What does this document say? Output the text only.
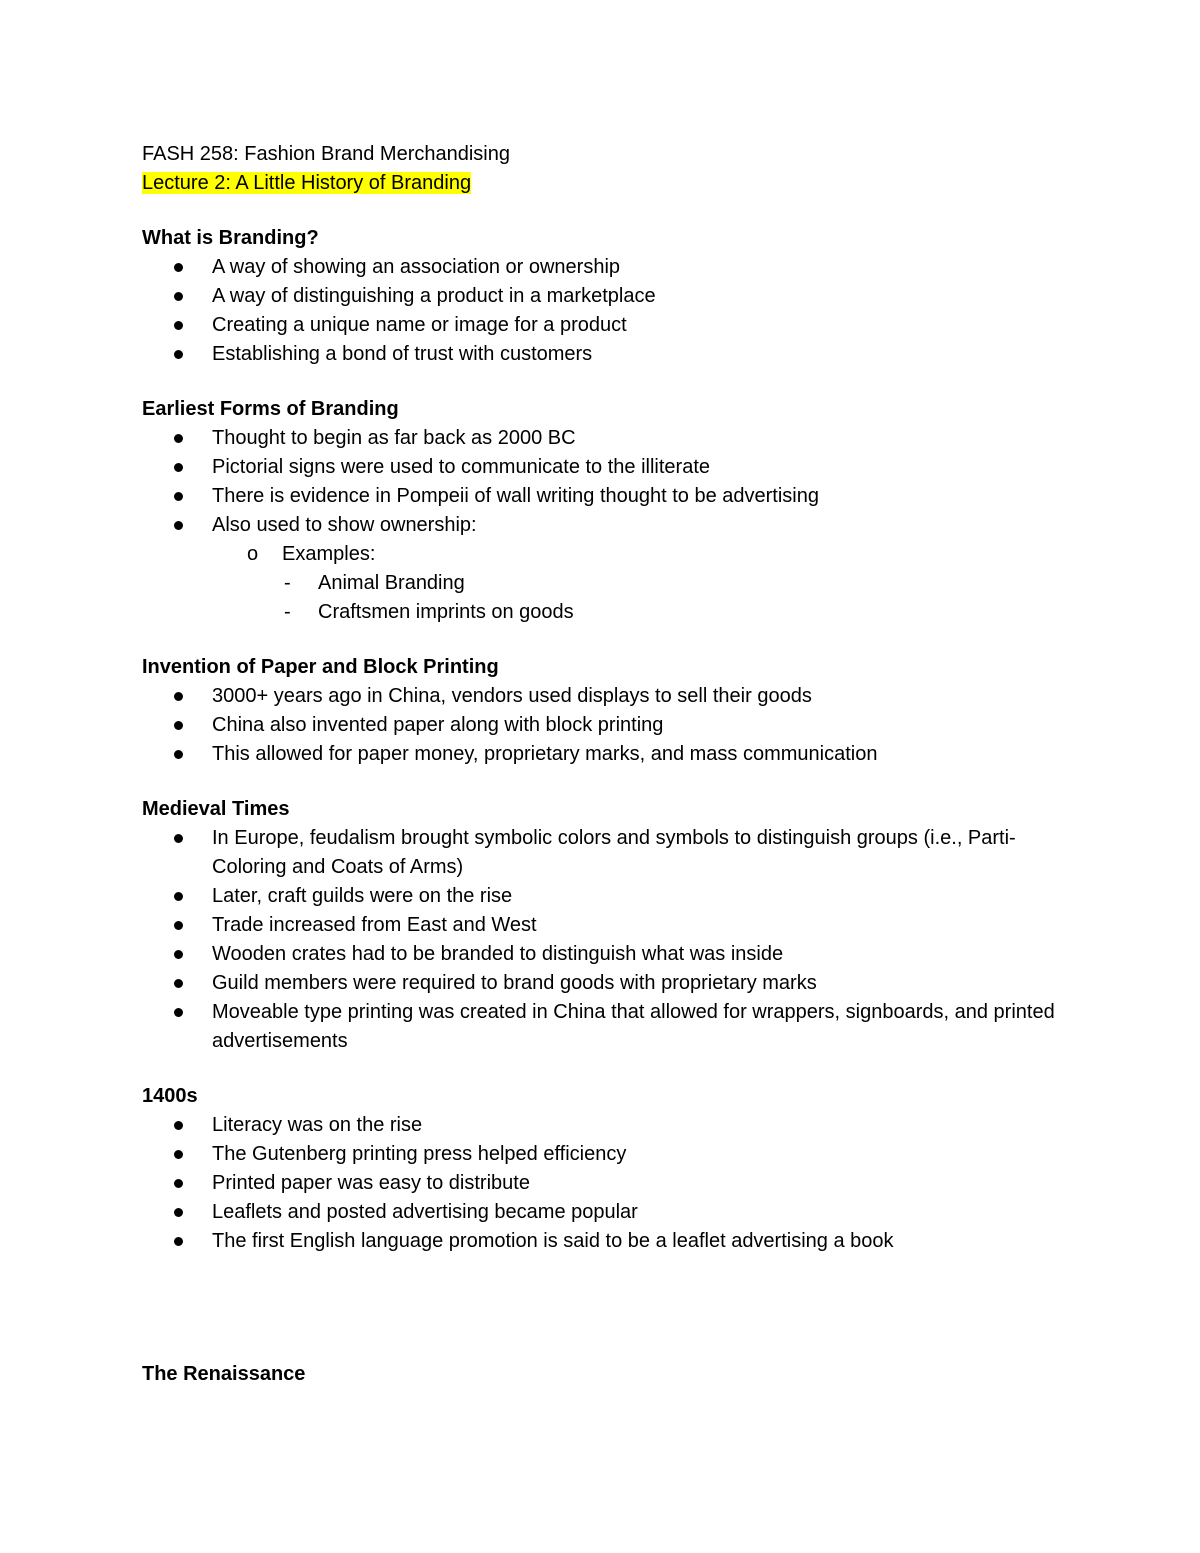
FASH 258: Fashion Brand Merchandising

Lecture 2: A Little History of Branding

What is Branding?

A way of showing an association or ownership
A way of distinguishing a product in a marketplace
Creating a unique name or image for a product
Establishing a bond of trust with customers

Earliest Forms of Branding

Thought to begin as far back as 2000 BC
Pictorial signs were used to communicate to the illiterate
There is evidence in Pompeii of wall writing thought to be advertising
Also used to show ownership:
o Examples:
- Animal Branding
- Craftsmen imprints on goods

Invention of Paper and Block Printing

3000+ years ago in China, vendors used displays to sell their goods
China also invented paper along with block printing
This allowed for paper money, proprietary marks, and mass communication

Medieval Times

In Europe, feudalism brought symbolic colors and symbols to distinguish groups (i.e., Parti-Coloring and Coats of Arms)
Later, craft guilds were on the rise
Trade increased from East and West
Wooden crates had to be branded to distinguish what was inside
Guild members were required to brand goods with proprietary marks
Moveable type printing was created in China that allowed for wrappers, signboards, and printed advertisements

1400s

Literacy was on the rise
The Gutenberg printing press helped efficiency
Printed paper was easy to distribute
Leaflets and posted advertising became popular
The first English language promotion is said to be a leaflet advertising a book

The Renaissance
